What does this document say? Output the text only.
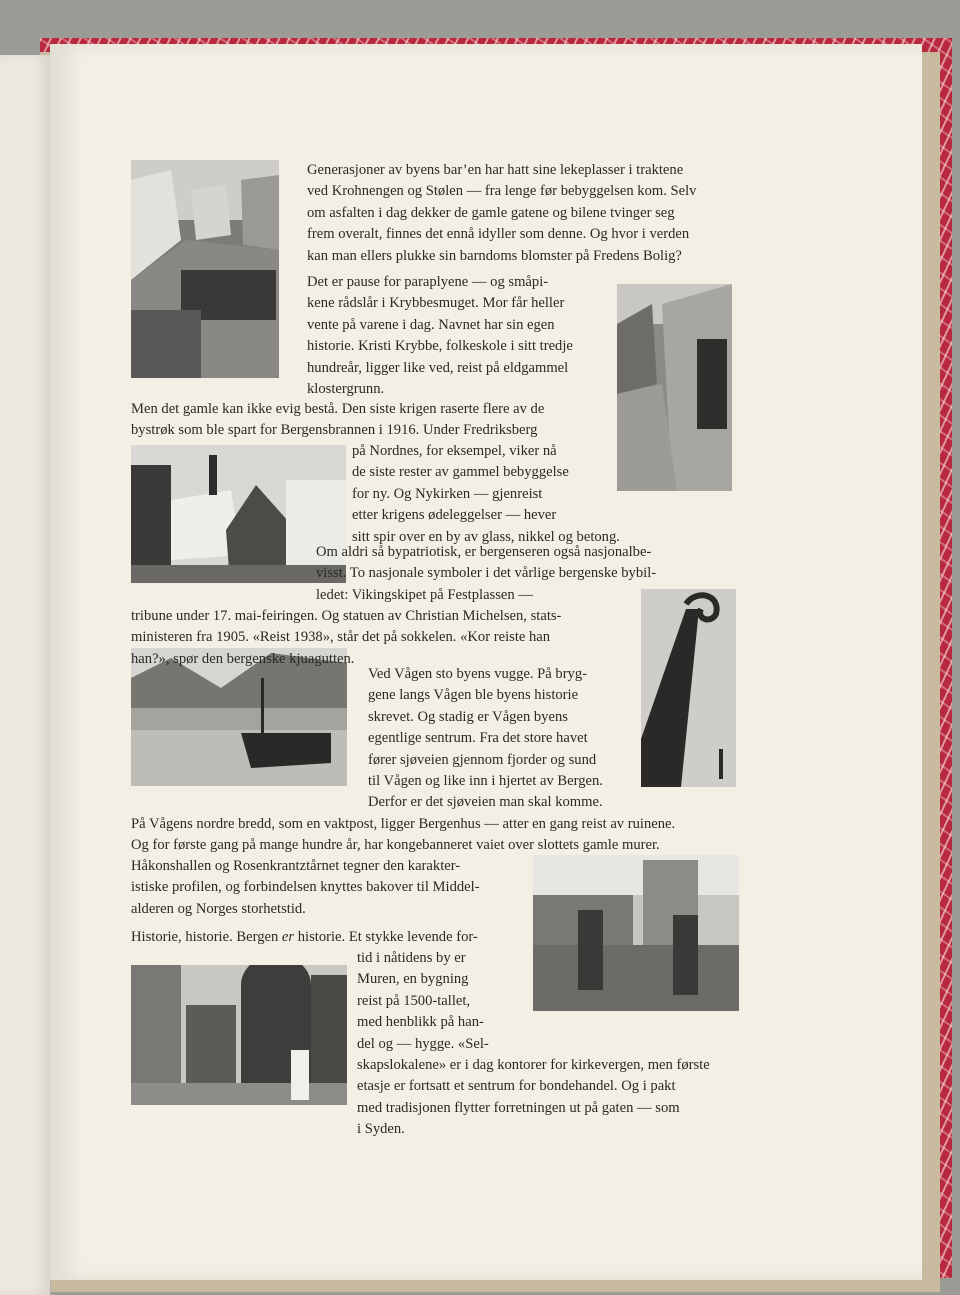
Generasjoner av byens bar’en har hatt sine lekeplasser i traktene
ved Krohnengen og Stølen — fra lenge før bebyggelsen kom. Selv
om asfalten i dag dekker de gamle gatene og bilene tvinger seg
frem overalt, finnes det ennå idyller som denne. Og hvor i verden
kan man ellers plukke sin barndoms blomster på Fredens Bolig?

Det er pause for paraplyene — og småpi-
kene rådslår i Krybbesmuget. Mor får heller
vente på varene i dag. Navnet har sin egen
historie. Kristi Krybbe, folkeskole i sitt tredje
hundreår, ligger like ved, reist på eldgammel
klostergrunn.

Men det gamle kan ikke evig bestå. Den siste krigen raserte flere av de
bystrøk som ble spart for Bergensbrannen i 1916. Under Fredriksberg

på Nordnes, for eksempel, viker nå
de siste rester av gammel bebyggelse
for ny. Og Nykirken — gjenreist
etter krigens ødeleggelser — hever
sitt spir over en by av glass, nikkel og betong.

Om aldri så bypatriotisk, er bergenseren også nasjonalbe-
visst. To nasjonale symboler i det vårlige bergenske bybil-
ledet: Vikingskipet på Festplassen —

tribune under 17. mai-feiringen. Og statuen av Christian Michelsen, stats-
ministeren fra 1905. «Reist 1938», står det på sokkelen. «Kor reiste han
han?», spør den bergenske kjuagutten.

Ved Vågen sto byens vugge. På bryg-
gene langs Vågen ble byens historie
skrevet. Og stadig er Vågen byens
egentlige sentrum. Fra det store havet
fører sjøveien gjennom fjorder og sund
til Vågen og like inn i hjertet av Bergen.
Derfor er det sjøveien man skal komme.

På Vågens nordre bredd, som en vaktpost, ligger Bergenhus — atter en gang reist av ruinene.
Og for første gang på mange hundre år, har kongebanneret vaiet over slottets gamle murer.

Håkonshallen og Rosenkrantztårnet tegner den karakter-
istiske profilen, og forbindelsen knyttes bakover til Middel-
alderen og Norges storhetstid.

Historie, historie. Bergen er historie. Et stykke levende for-

tid i nåtidens by er
Muren, en bygning
reist på 1500-tallet,
med henblikk på han-
del og — hygge. «Sel-

skapslokalene» er i dag kontorer for kirkevergen, men første
etasje er fortsatt et sentrum for bondehandel. Og i pakt
med tradisjonen flytter forretningen ut på gaten — som
i Syden.
